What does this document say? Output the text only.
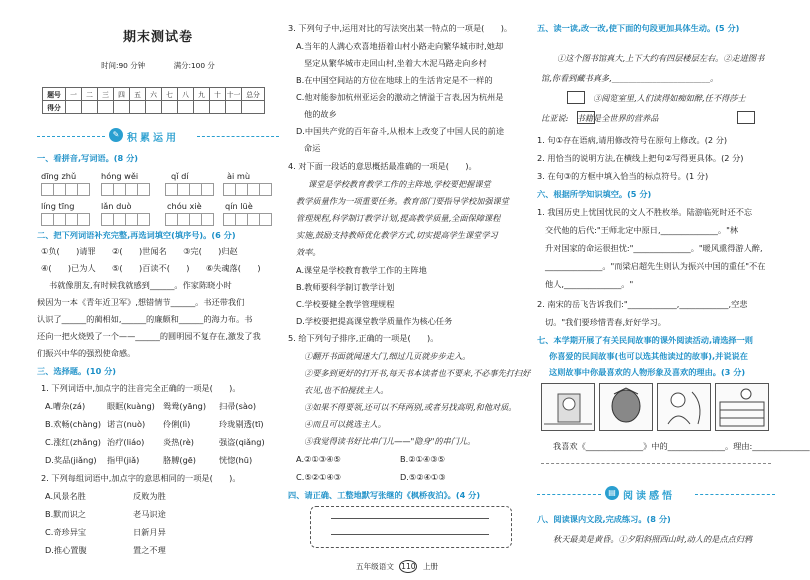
期末测试卷
时间:90 分钟	满分:100 分
题号	一	二	三	四	五	六	七	八	九	十	十一	总分
得分												
✎ 积累运用
一、看拼音,写词语。(8 分)
dīng zhǔ	hóng wěi	qǐ dí	ài mù
líng tīng	lǎn duò	chóu xiè	qín lüè
二、把下列词语补充完整,再选词填空(填序号)。(6 分)
①负(　　)请罪　　②(　　)世闻名　　③完(　　)归赵
④(　　)已为人　　⑤(　　)百读不(　　)　　⑥失魂落(　　)
书就像朋友,有时候我就感到______。作家陈晓小时
候因为一本《青年近卫军》,想错情节______。书还带我们
认识了______的蔺相如,______的廉颇和______的海力布。书
还向一把火烧毁了一个——______的圆明园不复存在,激发了我
们振兴中华的强烈使命感。
三、选择题。(10 分)
1. 下列词语中,加点字的注音完全正确的一项是(　　)。
A.嘈杂(zá)	眼眶(kuàng) 鸳鸯(yāng) 扫帚(sào)
B.欢畅(chàng) 诺言(nuò) 伶俐(lì)	玲珑剔透(tī)
C.涨红(zhǎng) 治疗(liáo) 炎热(rè)	强盗(qiǎng)
D.奖品(jiǎng) 指甲(jiǎ)	胳膊(gē)	恍惚(hū)
2. 下列每组词语中,加点字的意思相同的一项是(　　)。
A.风景名胜	反败为胜
B.默而识之	老马识途
C.奇珍异宝	日新月异
D.推心置腹	置之不理
3. 下列句子中,运用对比的写法突出某一特点的一项是(　　)。
A.当年的人满心欢喜地捂着山村小路走向繁华城市时,她却
坚定从繁华城市走回山村,坐着大木泥马路走向乡村
B.在中国空间站的方位在地球上的生活肯定是不一样的
C.他对能参加杭州亚运会的激动之情溢于言表,因为杭州是
他的故乡
D.中国共产党的百年奋斗,从根本上改变了中国人民的前途
命运
4. 对下面一段话的意思概括最准确的一项是(　　)。
课堂是学校教育教学工作的主阵地,学校要把握课堂
教学质量作为一项重要任务。教育部门要指导学校加强课堂
管理规程,科学制订教学计划,提高教学质量,全面保障课程
实施,鼓励支持教师优化教学方式,切实提高学生课堂学习
效率。
A.课堂是学校教育教学工作的主阵地
B.教师要科学制订教学计划
C.学校要健全教学管理规程
D.学校要把提高课堂教学质量作为核心任务
5. 给下列句子排序,正确的一项是(　　)。
①翻开书面就闻迷大门,细过几页就步步走入。
②要多到更好的打开书,每天书本读者也不要来,不必事先打扫好
衣见,也不怕搅扰主人。
③如果不得要领,还可以不拜两别,或者另找高明,和他对质。
④而且可以挑选主人。
⑤我觉得读书好比串门儿——"隐身"的串门儿。
A.②①③④⑤	B.②①④③⑤
C.⑤②①④③	D.⑤②④①③
四、请正确、工整地默写张继的《枫桥夜泊》。(4 分)
五、读一读,改一改,使下面的句段更加具体生动。(5 分)
①这个图书馆真大,上下大约有四层楼层左右。②走进图书
馆,你看到藏书真多,________________________。
③阅览室里,人们读得如痴如醉,任不得莎士
比亚说:　书籍是全世界的营养品
1. 句①存在语病,请用修改符号在原句上修改。(2 分)
2. 用恰当的说明方法,在横线上把句②写得更具体。(2 分)
3. 在句③的方框中填入恰当的标点符号。(1 分)
六、根据所学知识填空。(5 分)
1. 我国历史上忧国忧民的文人不胜枚举。陆游临死时还不忘
交代他的后代:"王师北定中原日,______________。"林
升对国家的命运很担忧:"______________。"暖风熏得游人醉,
______________。"而梁启超先生则认为振兴中国的重任"不在
他人,______________。"
2. 南宋的岳飞告诉我们:"____________,____________,空悲
切。"我们要珍惜青春,好好学习。
七、本学期开展了有关民间故事的课外阅读活动,请选择一则
你喜爱的民间故事(也可以选其他读过的故事),并说说在
这则故事中你最喜欢的人物形象及喜欢的理由。(3 分)
我喜欢《______________》中的______________。理由:______________
▤ 阅读感悟
八、阅读课内文段,完成练习。(8 分)
秋天最美是黄昏。①夕阳斜照西山时,动人的是点点归鸦
五年级语文 110 上册
